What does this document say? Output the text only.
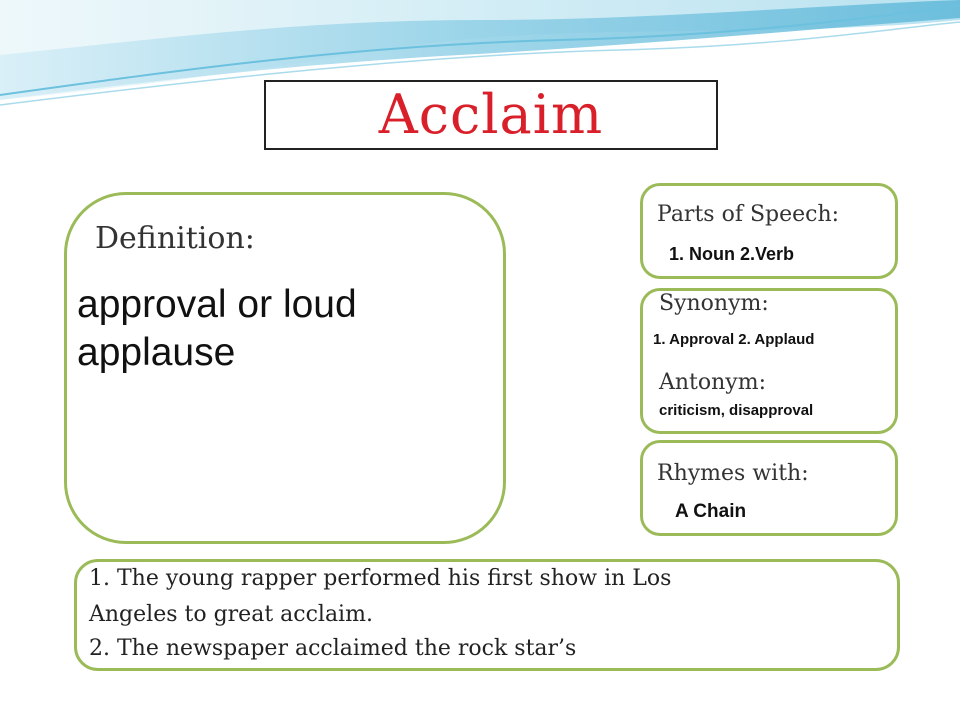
Acclaim
Definition:
approval or loud applause
Parts of Speech:
1. Noun 2.Verb
Synonym:
1. Approval 2. Applaud
Antonym:
criticism, disapproval
Rhymes with:
A Chain
1. The young rapper performed his first show in Los
Angeles to great acclaim.
2. The newspaper acclaimed the rock star’s
